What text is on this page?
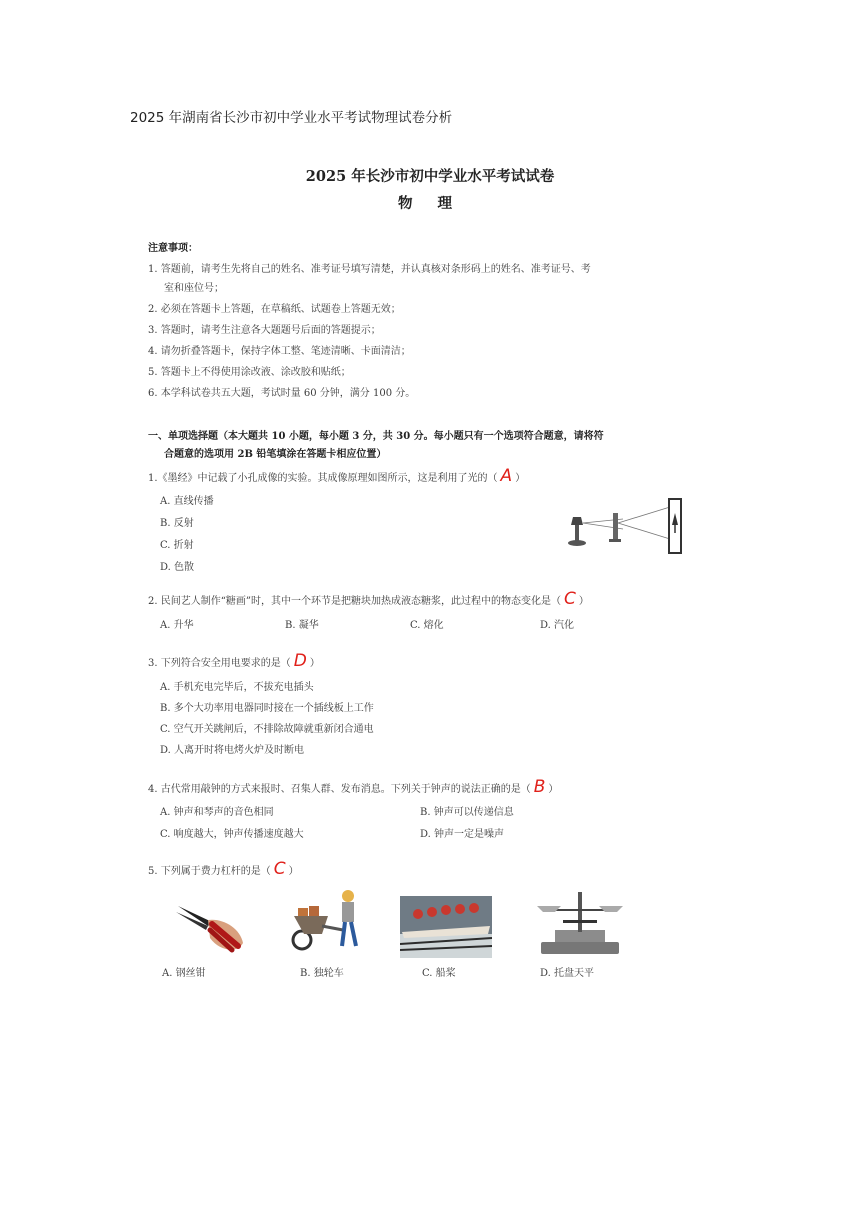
2025 年湖南省长沙市初中学业水平考试物理试卷分析
2025 年长沙市初中学业水平考试试卷
物 理
注意事项：
1. 答题前，请考生先将自己的姓名、准考证号填写清楚，并认真核对条形码上的姓名、准考证号、考
室和座位号；
2. 必须在答题卡上答题，在草稿纸、试题卷上答题无效；
3. 答题时，请考生注意各大题题号后面的答题提示；
4. 请勿折叠答题卡，保持字体工整、笔迹清晰、卡面清洁；
5. 答题卡上不得使用涂改液、涂改胶和贴纸；
6. 本学科试卷共五大题，考试时量 60 分钟，满分 100 分。
一、单项选择题（本大题共 10 小题，每小题 3 分，共 30 分。每小题只有一个选项符合题意，请将符
合题意的选项用 2B 铅笔填涂在答题卡相应位置）
1.《墨经》中记载了小孔成像的实验。其成像原理如图所示，这是利用了光的（ A ）
A. 直线传播
B. 反射
C. 折射
D. 色散
2. 民间艺人制作“糖画”时，其中一个环节是把糖块加热成液态糖浆，此过程中的物态变化是（ C ）
A. 升华	B. 凝华	C. 熔化	D. 汽化
3. 下列符合安全用电要求的是（ D ）
A. 手机充电完毕后，不拔充电插头
B. 多个大功率用电器同时接在一个插线板上工作
C. 空气开关跳闸后，不排除故障就重新闭合通电
D. 人离开时将电烤火炉及时断电
4. 古代常用敲钟的方式来报时、召集人群、发布消息。下列关于钟声的说法正确的是（ B ）
A. 钟声和琴声的音色相同	B. 钟声可以传递信息
C. 响度越大，钟声传播速度越大	D. 钟声一定是噪声
5. 下列属于费力杠杆的是（ C ）
A. 钢丝钳	B. 独轮车	C. 船桨	D. 托盘天平
